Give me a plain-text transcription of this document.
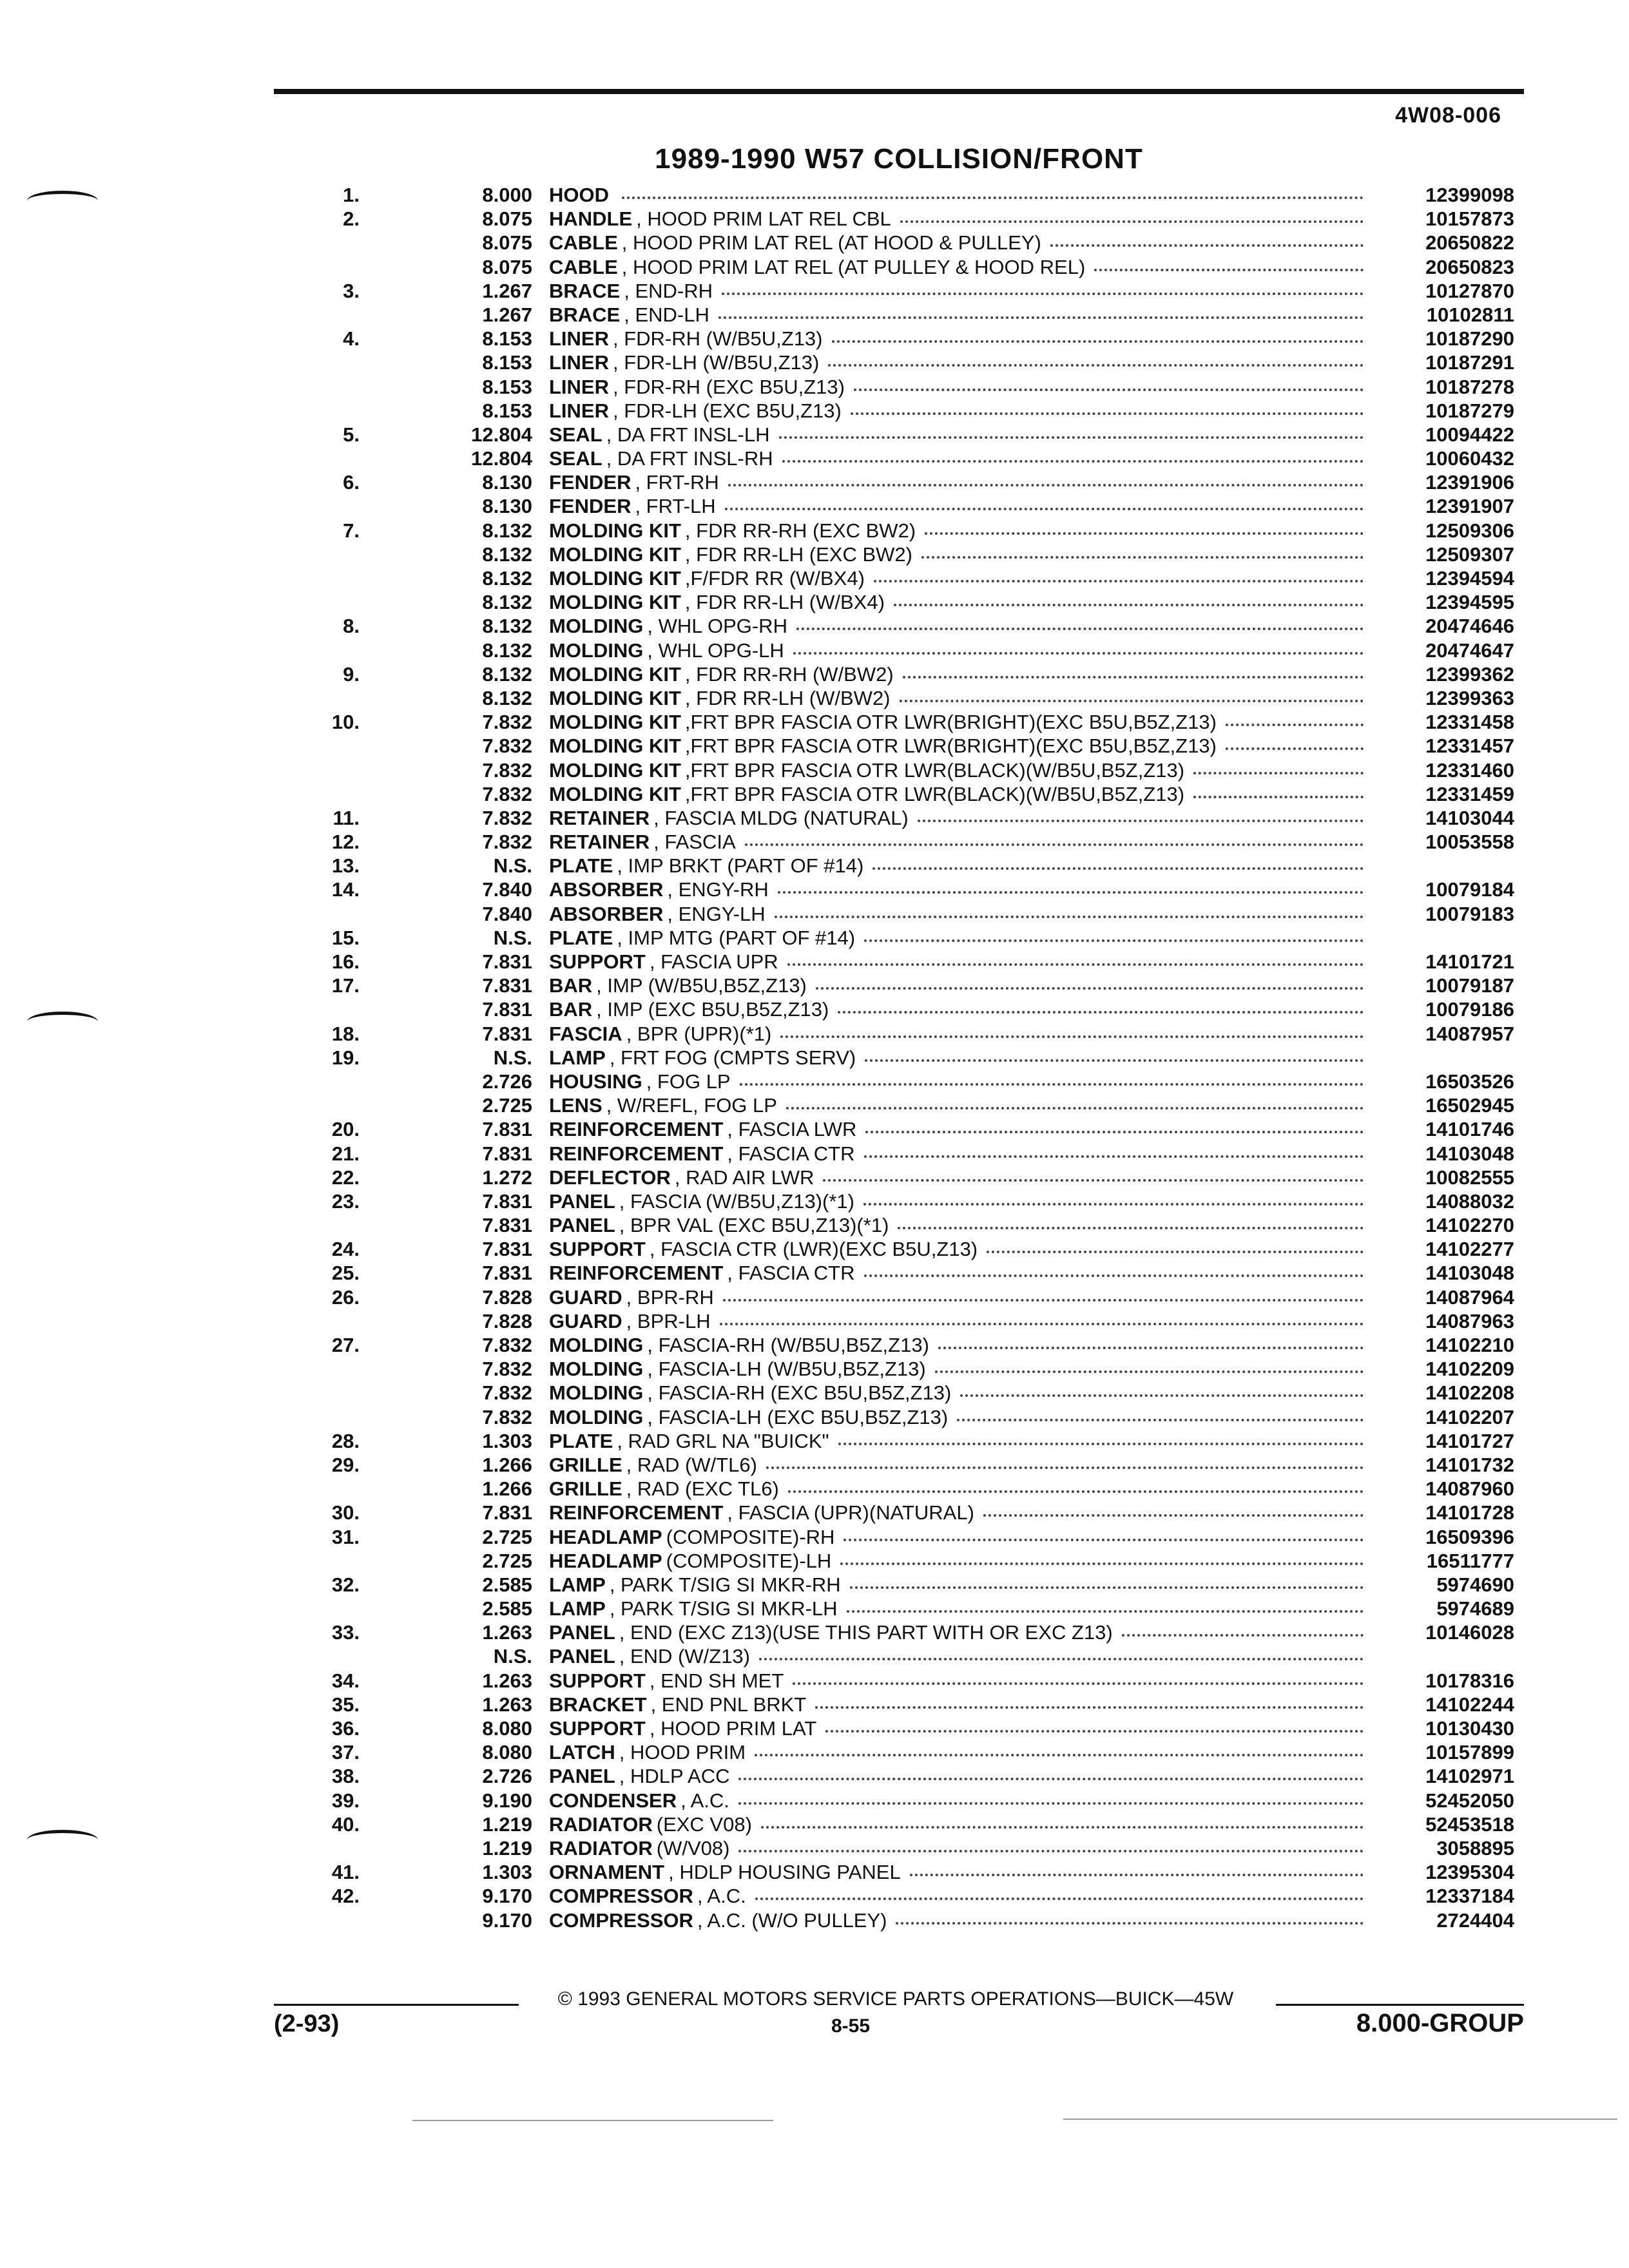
4W08-006
1989-1990 W57 COLLISION/FRONT
1.	8.000 HOOD	12399098
2.	8.075 HANDLE , HOOD PRIM LAT REL CBL	10157873
8.075 CABLE , HOOD PRIM LAT REL (AT HOOD & PULLEY)	20650822
8.075 CABLE , HOOD PRIM LAT REL (AT PULLEY & HOOD REL)	20650823
3.	1.267 BRACE , END-RH	10127870
1.267 BRACE , END-LH	10102811
4.	8.153 LINER , FDR-RH (W/B5U,Z13)	10187290
8.153 LINER , FDR-LH (W/B5U,Z13)	10187291
8.153 LINER , FDR-RH (EXC B5U,Z13)	10187278
8.153 LINER , FDR-LH (EXC B5U,Z13)	10187279
5.	12.804 SEAL , DA FRT INSL-LH	10094422
12.804 SEAL , DA FRT INSL-RH	10060432
6.	8.130 FENDER , FRT-RH	12391906
8.130 FENDER , FRT-LH	12391907
7.	8.132 MOLDING KIT , FDR RR-RH (EXC BW2)	12509306
8.132 MOLDING KIT , FDR RR-LH (EXC BW2)	12509307
8.132 MOLDING KIT ,F/FDR RR (W/BX4)	12394594
8.132 MOLDING KIT , FDR RR-LH (W/BX4)	12394595
8.	8.132 MOLDING , WHL OPG-RH	20474646
8.132 MOLDING , WHL OPG-LH	20474647
9.	8.132 MOLDING KIT , FDR RR-RH (W/BW2)	12399362
8.132 MOLDING KIT , FDR RR-LH (W/BW2)	12399363
10.	7.832 MOLDING KIT ,FRT BPR FASCIA OTR LWR(BRIGHT)(EXC B5U,B5Z,Z13)	12331458
7.832 MOLDING KIT ,FRT BPR FASCIA OTR LWR(BRIGHT)(EXC B5U,B5Z,Z13)	12331457
7.832 MOLDING KIT ,FRT BPR FASCIA OTR LWR(BLACK)(W/B5U,B5Z,Z13)	12331460
7.832 MOLDING KIT ,FRT BPR FASCIA OTR LWR(BLACK)(W/B5U,B5Z,Z13)	12331459
11.	7.832 RETAINER , FASCIA MLDG (NATURAL)	14103044
12.	7.832 RETAINER , FASCIA	10053558
13.	N.S. PLATE , IMP BRKT (PART OF #14)
14.	7.840 ABSORBER , ENGY-RH	10079184
7.840 ABSORBER , ENGY-LH	10079183
15.	N.S. PLATE , IMP MTG (PART OF #14)
16.	7.831 SUPPORT , FASCIA UPR	14101721
17.	7.831 BAR , IMP (W/B5U,B5Z,Z13)	10079187
7.831 BAR , IMP (EXC B5U,B5Z,Z13)	10079186
18.	7.831 FASCIA , BPR (UPR)(*1)	14087957
19.	N.S. LAMP , FRT FOG (CMPTS SERV)
2.726 HOUSING , FOG LP	16503526
2.725 LENS , W/REFL, FOG LP	16502945
20.	7.831 REINFORCEMENT , FASCIA LWR	14101746
21.	7.831 REINFORCEMENT , FASCIA CTR	14103048
22.	1.272 DEFLECTOR , RAD AIR LWR	10082555
23.	7.831 PANEL , FASCIA (W/B5U,Z13)(*1)	14088032
7.831 PANEL , BPR VAL (EXC B5U,Z13)(*1)	14102270
24.	7.831 SUPPORT , FASCIA CTR (LWR)(EXC B5U,Z13)	14102277
25.	7.831 REINFORCEMENT , FASCIA CTR	14103048
26.	7.828 GUARD , BPR-RH	14087964
7.828 GUARD , BPR-LH	14087963
27.	7.832 MOLDING , FASCIA-RH (W/B5U,B5Z,Z13)	14102210
7.832 MOLDING , FASCIA-LH (W/B5U,B5Z,Z13)	14102209
7.832 MOLDING , FASCIA-RH (EXC B5U,B5Z,Z13)	14102208
7.832 MOLDING , FASCIA-LH (EXC B5U,B5Z,Z13)	14102207
28.	1.303 PLATE , RAD GRL NA "BUICK"	14101727
29.	1.266 GRILLE , RAD (W/TL6)	14101732
1.266 GRILLE , RAD (EXC TL6)	14087960
30.	7.831 REINFORCEMENT , FASCIA (UPR)(NATURAL)	14101728
31.	2.725 HEADLAMP (COMPOSITE)-RH	16509396
2.725 HEADLAMP (COMPOSITE)-LH	16511777
32.	2.585 LAMP , PARK T/SIG SI MKR-RH	5974690
2.585 LAMP , PARK T/SIG SI MKR-LH	5974689
33.	1.263 PANEL , END (EXC Z13)(USE THIS PART WITH OR EXC Z13)	10146028
N.S. PANEL , END (W/Z13)
34.	1.263 SUPPORT , END SH MET	10178316
35.	1.263 BRACKET , END PNL BRKT	14102244
36.	8.080 SUPPORT , HOOD PRIM LAT	10130430
37.	8.080 LATCH , HOOD PRIM	10157899
38.	2.726 PANEL , HDLP ACC	14102971
39.	9.190 CONDENSER , A.C.	52452050
40.	1.219 RADIATOR (EXC V08)	52453518
1.219 RADIATOR (W/V08)	3058895
41.	1.303 ORNAMENT , HDLP HOUSING PANEL	12395304
42.	9.170 COMPRESSOR , A.C.	12337184
9.170 COMPRESSOR , A.C. (W/O PULLEY)	2724404
© 1993 GENERAL MOTORS SERVICE PARTS OPERATIONS—BUICK—45W
(2-93)	8-55	8.000-GROUP
